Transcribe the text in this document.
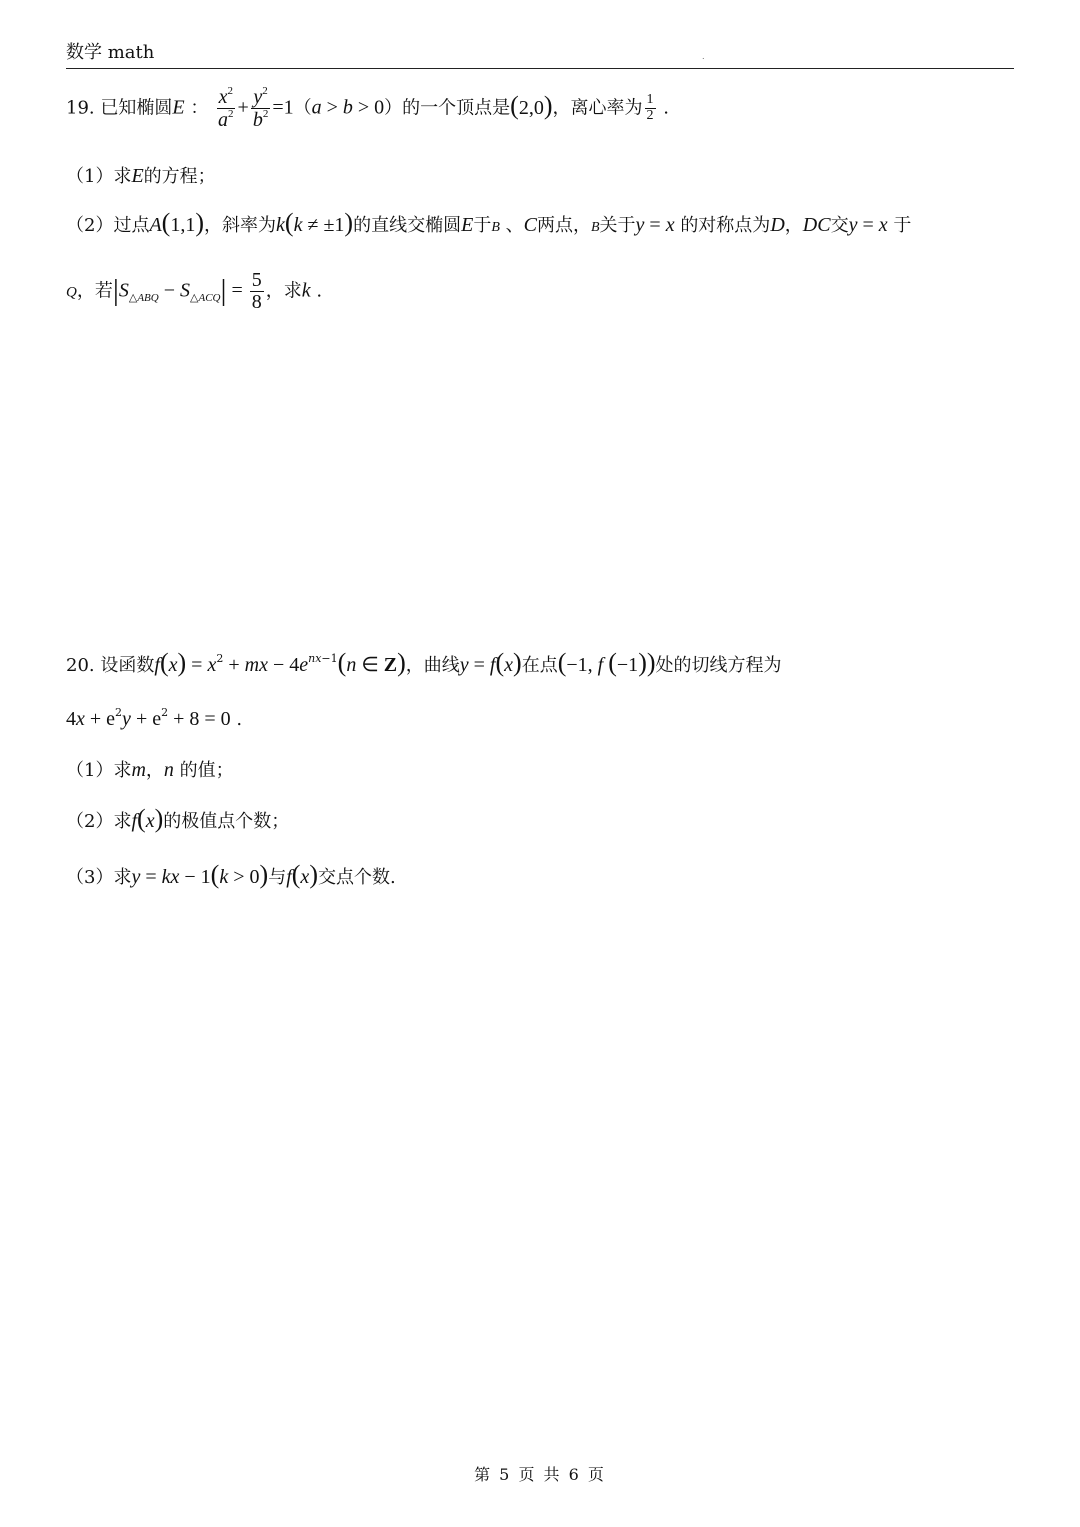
数学 math	.
19. 已知椭圆E ： $\frac{x^2}{a^2} + \frac{y^2}{b^2} =1(a > b > 0)$的一个顶点是(2,0)，离心率为 $\frac{1}{2}$ .
（1）求E的方程；
（2）过点A(1,1)，斜率为k(k ≠ ±1)的直线交椭圆E于B 、C两点，B关于y = x 的对称点为D，DC交y = x 于
Q，若$|S_{\triangle ABQ} - S_{\triangle ACQ}| = \frac{5}{8}$ ，求k .
20. 设函数$f(x) = x^2$ + mx − $4e^{nx-1}(n$ ∈ Z)，曲线y = f(x)在点(−1, f (−1))处的切线方程为
$4x + e^2y + e^2 + 8 = 0$ .
（1）求m，n 的值；
（2）求f(x)的极值点个数；
（3）求y = kx − 1(k > 0)与f(x)交点个数.
第 5 页 共 6 页
